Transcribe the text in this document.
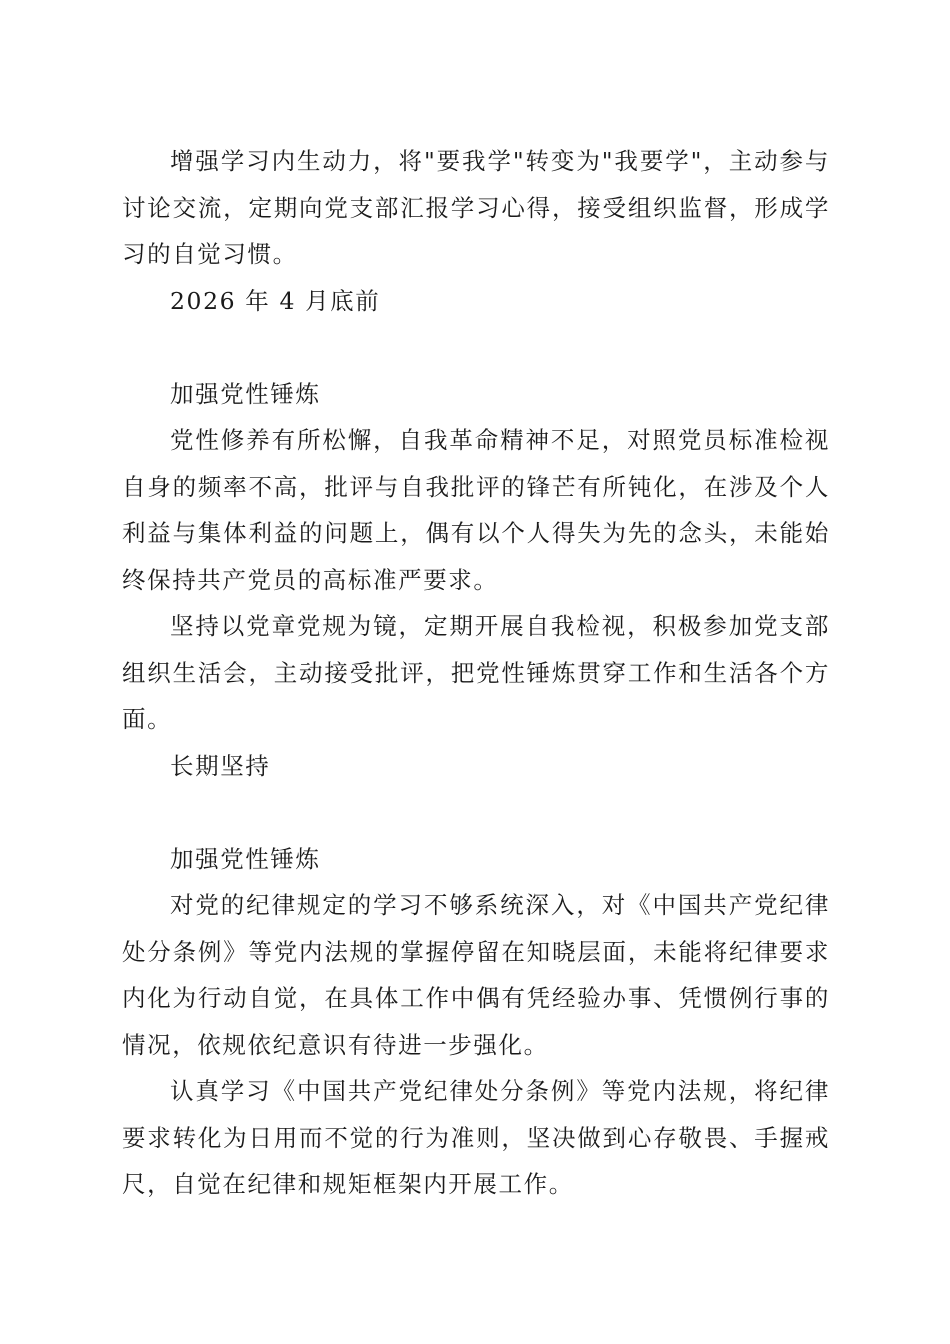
增强学习内生动力，将"要我学"转变为"我要学"，主动参与讨论交流，定期向党支部汇报学习心得，接受组织监督，形成学习的自觉习惯。

2026 年 4 月底前

加强党性锤炼

党性修养有所松懈，自我革命精神不足，对照党员标准检视自身的频率不高，批评与自我批评的锋芒有所钝化，在涉及个人利益与集体利益的问题上，偶有以个人得失为先的念头，未能始终保持共产党员的高标准严要求。

坚持以党章党规为镜，定期开展自我检视，积极参加党支部组织生活会，主动接受批评，把党性锤炼贯穿工作和生活各个方面。

长期坚持

加强党性锤炼

对党的纪律规定的学习不够系统深入，对《中国共产党纪律处分条例》等党内法规的掌握停留在知晓层面，未能将纪律要求内化为行动自觉，在具体工作中偶有凭经验办事、凭惯例行事的情况，依规依纪意识有待进一步强化。

认真学习《中国共产党纪律处分条例》等党内法规，将纪律要求转化为日用而不觉的行为准则，坚决做到心存敬畏、手握戒尺，自觉在纪律和规矩框架内开展工作。
